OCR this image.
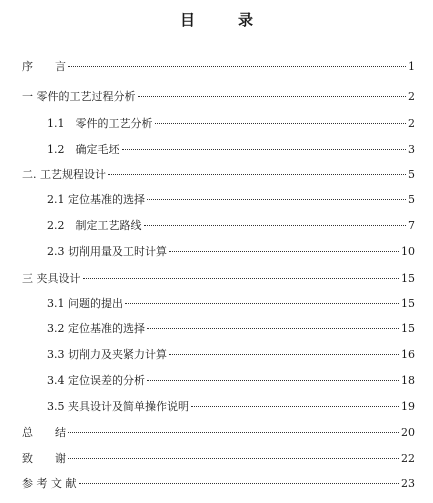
目　录
序　　言	1
一 零件的工艺过程分析	2
1.1　零件的工艺分析	2
1.2　确定毛坯	3
二. 工艺规程设计	5
2.1 定位基准的选择	5
2.2　制定工艺路线	7
2.3 切削用量及工时计算	10
三 夹具设计	15
3.1 问题的提出	15
3.2 定位基准的选择	15
3.3 切削力及夹紧力计算	16
3.4 定位误差的分析	18
3.5 夹具设计及简单操作说明	19
总　　结	20
致　　谢	22
参 考 文 献	23
